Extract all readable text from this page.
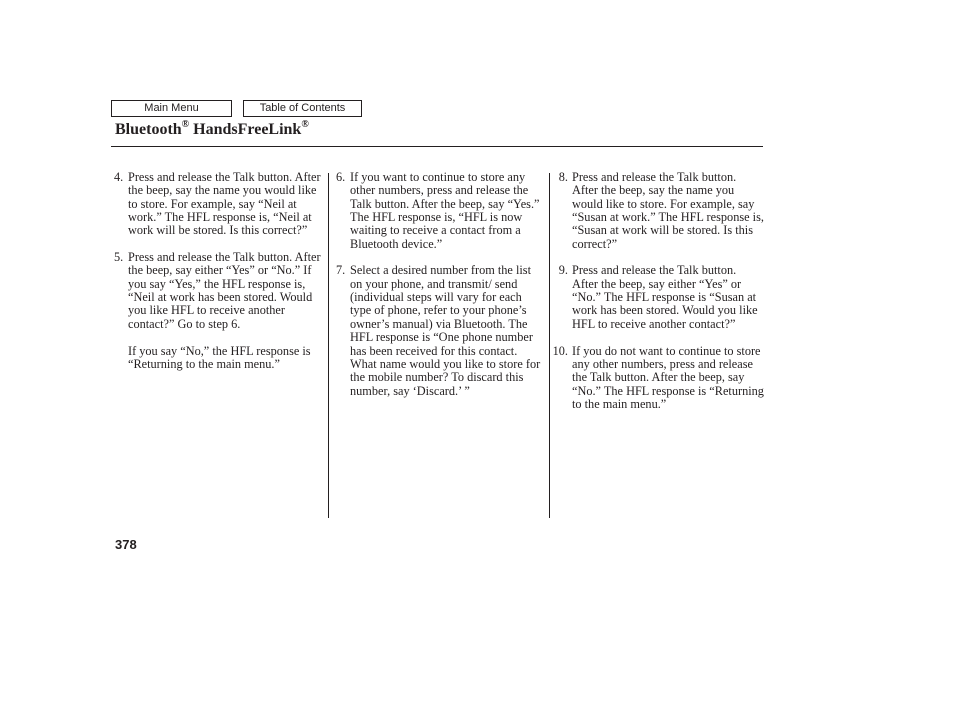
Main Menu	Table of Contents
Bluetooth® HandsFreeLink®
4. Press and release the Talk button. After the beep, say the name you would like to store. For example, say “Neil at work.” The HFL response is, “Neil at work will be stored. Is this correct?”
5. Press and release the Talk button. After the beep, say either “Yes” or “No.” If you say “Yes,” the HFL response is, “Neil at work has been stored. Would you like HFL to receive another contact?” Go to step 6.
If you say “No,” the HFL response is “Returning to the main menu.”
6. If you want to continue to store any other numbers, press and release the Talk button. After the beep, say “Yes.” The HFL response is, “HFL is now waiting to receive a contact from a Bluetooth device.”
7. Select a desired number from the list on your phone, and transmit/ send (individual steps will vary for each type of phone, refer to your phone’s owner’s manual) via Bluetooth. The HFL response is “One phone number has been received for this contact. What name would you like to store for the mobile number? To discard this number, say ‘Discard.’ ”
8. Press and release the Talk button. After the beep, say the name you would like to store. For example, say “Susan at work.” The HFL response is, “Susan at work will be stored. Is this correct?”
9. Press and release the Talk button. After the beep, say either “Yes” or “No.” The HFL response is “Susan at work has been stored. Would you like HFL to receive another contact?”
10. If you do not want to continue to store any other numbers, press and release the Talk button. After the beep, say “No.” The HFL response is “Returning to the main menu.”
378
